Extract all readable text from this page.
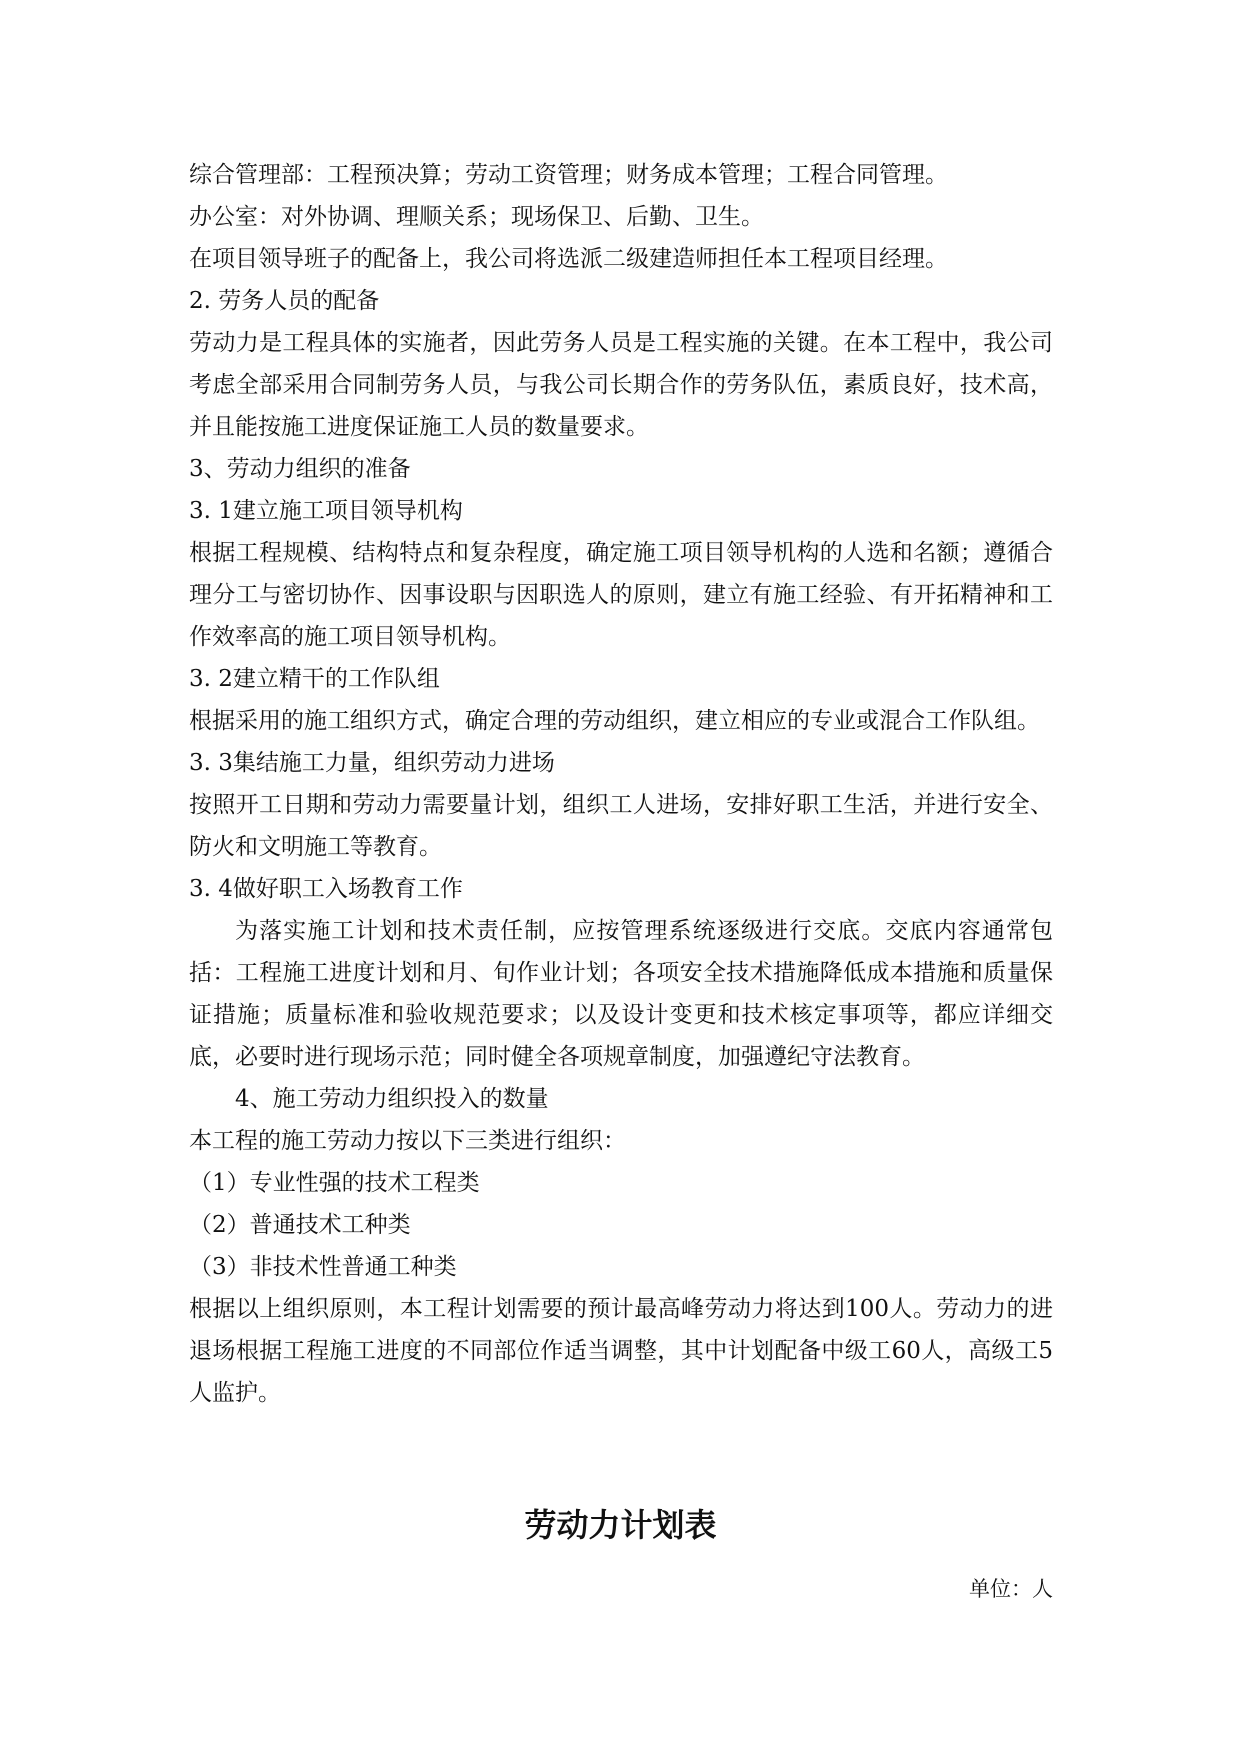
综合管理部：工程预决算；劳动工资管理；财务成本管理；工程合同管理。

办公室：对外协调、理顺关系；现场保卫、后勤、卫生。

在项目领导班子的配备上，我公司将选派二级建造师担任本工程项目经理。

2. 劳务人员的配备

劳动力是工程具体的实施者，因此劳务人员是工程实施的关键。在本工程中，我公司考虑全部采用合同制劳务人员，与我公司长期合作的劳务队伍，素质良好，技术高，并且能按施工进度保证施工人员的数量要求。

3、劳动力组织的准备

3. 1建立施工项目领导机构

根据工程规模、结构特点和复杂程度，确定施工项目领导机构的人选和名额；遵循合理分工与密切协作、因事设职与因职选人的原则，建立有施工经验、有开拓精神和工作效率高的施工项目领导机构。

3. 2建立精干的工作队组

根据采用的施工组织方式，确定合理的劳动组织，建立相应的专业或混合工作队组。

3. 3集结施工力量，组织劳动力进场

按照开工日期和劳动力需要量计划，组织工人进场，安排好职工生活，并进行安全、防火和文明施工等教育。

3. 4做好职工入场教育工作

为落实施工计划和技术责任制，应按管理系统逐级进行交底。交底内容通常包括：工程施工进度计划和月、旬作业计划；各项安全技术措施降低成本措施和质量保证措施；质量标准和验收规范要求；以及设计变更和技术核定事项等，都应详细交底，必要时进行现场示范；同时健全各项规章制度，加强遵纪守法教育。

4、施工劳动力组织投入的数量

本工程的施工劳动力按以下三类进行组织：

（1）专业性强的技术工程类

（2）普通技术工种类

（3）非技术性普通工种类

根据以上组织原则，本工程计划需要的预计最高峰劳动力将达到100人。劳动力的进退场根据工程施工进度的不同部位作适当调整，其中计划配备中级工60人，高级工5人监护。

劳动力计划表
单位：人
